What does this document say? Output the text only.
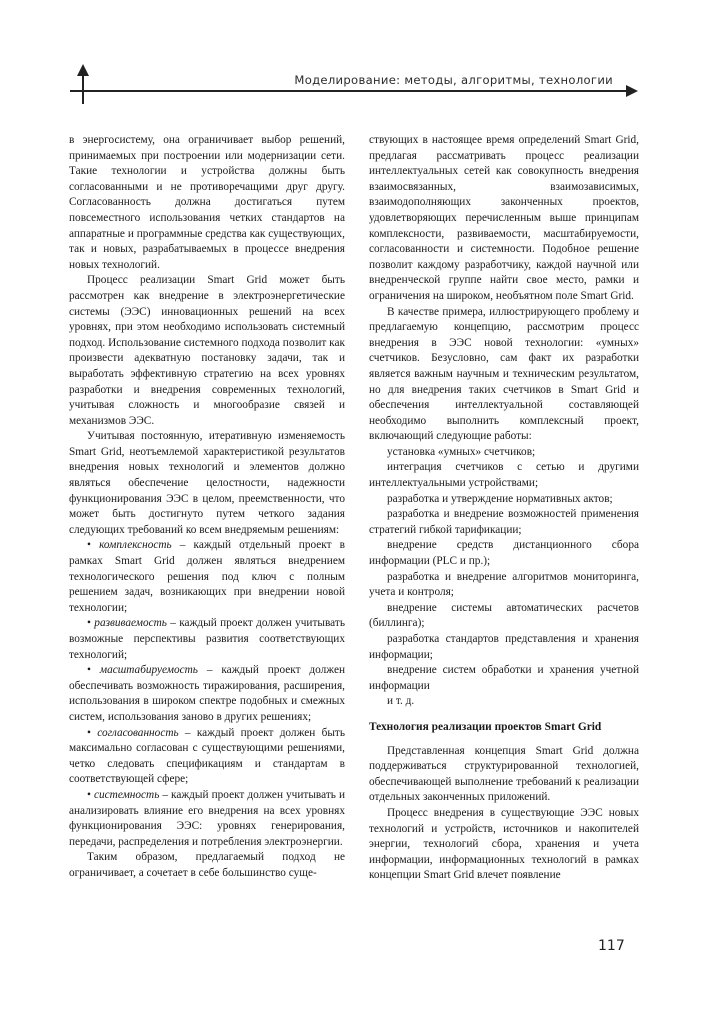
Моделирование: методы, алгоритмы, технологии

в энергосистему, она ограничивает выбор решений, принимаемых при построении или модернизации сети. Такие технологии и устройства должны быть согласованными и не противоречащими друг другу. Согласованность должна достигаться путем повсеместного использования четких стандартов на аппаратные и программные средства как существующих, так и новых, разрабатываемых в процессе внедрения новых технологий.

Процесс реализации Smart Grid может быть рассмотрен как внедрение в электроэнергетические системы (ЭЭС) инновационных решений на всех уровнях, при этом необходимо использовать системный подход. Использование системного подхода позволит как произвести адекватную постановку задачи, так и выработать эффективную стратегию на всех уровнях разработки и внедрения современных технологий, учитывая сложность и многообразие связей и механизмов ЭЭС.

Учитывая постоянную, итеративную изменяемость Smart Grid, неотъемлемой характеристикой результатов внедрения новых технологий и элементов должно являться обеспечение целостности, надежности функционирования ЭЭС в целом, преемственности, что может быть достигнуто путем четкого задания следующих требований ко всем внедряемым решениям:

• комплексность – каждый отдельный проект в рамках Smart Grid должен являться внедрением технологического решения под ключ с полным решением задач, возникающих при внедрении новой технологии;

• развиваемость – каждый проект должен учитывать возможные перспективы развития соответствующих технологий;

• масштабируемость – каждый проект должен обеспечивать возможность тиражирования, расширения, использования в широком спектре подобных и смежных систем, использования заново в других решениях;

• согласованность – каждый проект должен быть максимально согласован с существующими решениями, четко следовать спецификациям и стандартам в соответствующей сфере;

• системность – каждый проект должен учитывать и анализировать влияние его внедрения на всех уровнях функционирования ЭЭС: уровнях генерирования, передачи, распределения и потребления электроэнергии.

Таким образом, предлагаемый подход не ограничивает, а сочетает в себе большинство суще-

ствующих в настоящее время определений Smart Grid, предлагая рассматривать процесс реализации интеллектуальных сетей как совокупность внедрения взаимосвязанных, взаимозависимых, взаимодополняющих законченных проектов, удовлетворяющих перечисленным выше принципам комплексности, развиваемости, масштабируемости, согласованности и системности. Подобное решение позволит каждому разработчику, каждой научной или внедренческой группе найти свое место, рамки и ограничения на широком, необъятном поле Smart Grid.

В качестве примера, иллюстрирующего проблему и предлагаемую концепцию, рассмотрим процесс внедрения в ЭЭС новой технологии: «умных» счетчиков. Безусловно, сам факт их разработки является важным научным и техническим результатом, но для внедрения таких счетчиков в Smart Grid и обеспечения интеллектуальной составляющей необходимо выполнить комплексный проект, включающий следующие работы:

установка «умных» счетчиков;

интеграция счетчиков с сетью и другими интеллектуальными устройствами;

разработка и утверждение нормативных актов;

разработка и внедрение возможностей применения стратегий гибкой тарификации;

внедрение средств дистанционного сбора информации (PLC и пр.);

разработка и внедрение алгоритмов мониторинга, учета и контроля;

внедрение системы автоматических расчетов (биллинга);

разработка стандартов представления и хранения информации;

внедрение систем обработки и хранения учетной информации

и т. д.

Технология реализации проектов Smart Grid

Представленная концепция Smart Grid должна поддерживаться структурированной технологией, обеспечивающей выполнение требований к реализации отдельных законченных приложений.

Процесс внедрения в существующие ЭЭС новых технологий и устройств, источников и накопителей энергии, технологий сбора, хранения и учета информации, информационных технологий в рамках концепции Smart Grid влечет появление

117
